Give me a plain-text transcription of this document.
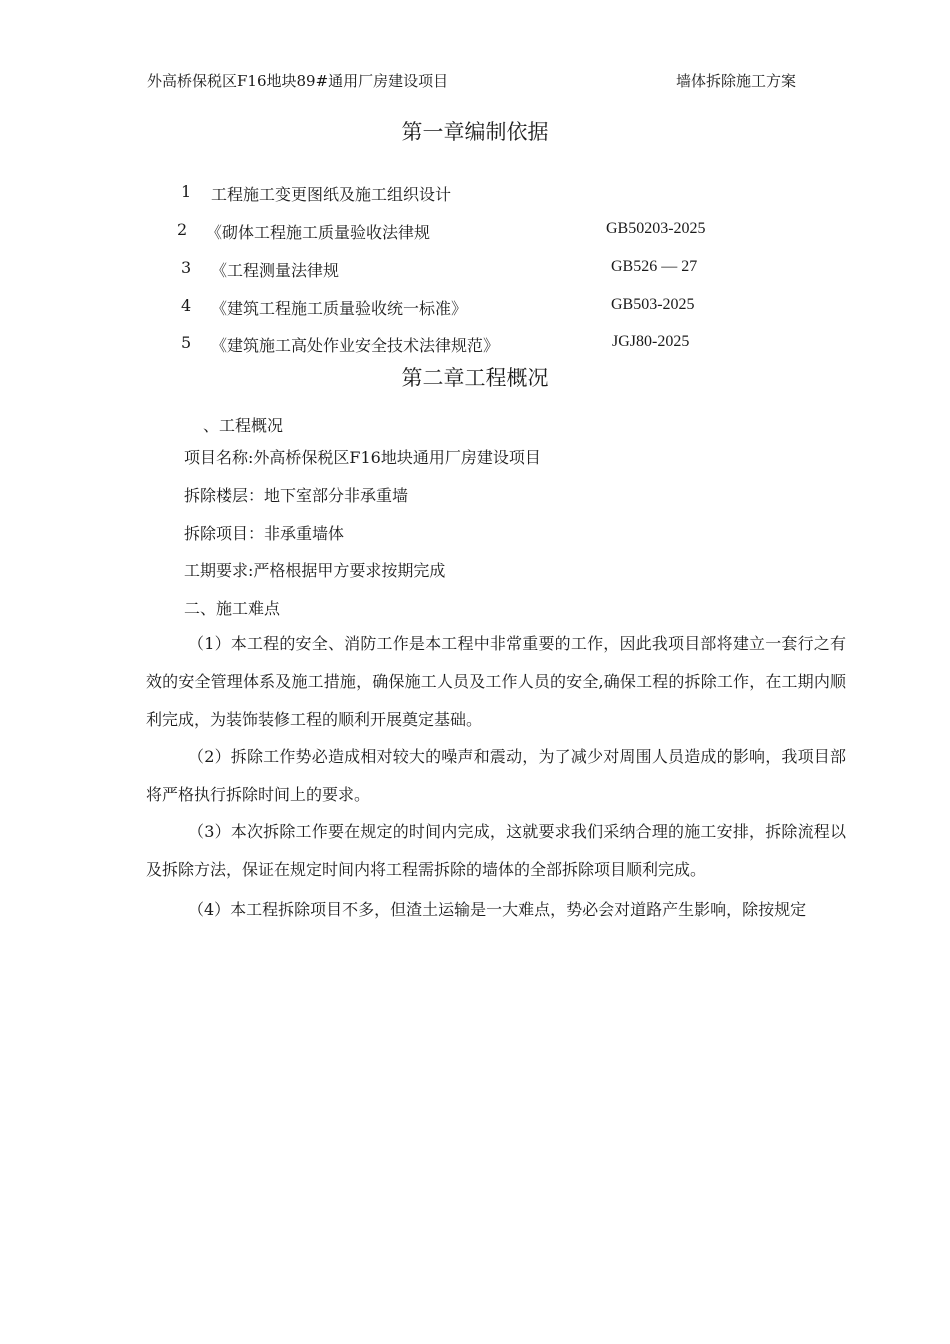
外高桥保税区F16地块89#通用厂房建设项目	墙体拆除施工方案
第一章编制依据
1 工程施工变更图纸及施工组织设计
2 《砌体工程施工质量验收法律规	GB50203-2025
3 《工程测量法律规	GB526 — 27
4 《建筑工程施工质量验收统一标准》	GB503-2025
5 《建筑施工高处作业安全技术法律规范》	JGJ80-2025
第二章工程概况
、工程概况
项目名称:外高桥保税区F16地块通用厂房建设项目
拆除楼层：地下室部分非承重墙
拆除项目：非承重墙体
工期要求:严格根据甲方要求按期完成
二、施工难点

（1）本工程的安全、消防工作是本工程中非常重要的工作，因此我项目部将建立一套行之有效的安全管理体系及施工措施，确保施工人员及工作人员的安全,确保工程的拆除工作，在工期内顺利完成，为装饰装修工程的顺利开展奠定基础。

（2）拆除工作势必造成相对较大的噪声和震动，为了减少对周围人员造成的影响，我项目部将严格执行拆除时间上的要求。

（3）本次拆除工作要在规定的时间内完成，这就要求我们采纳合理的施工安排，拆除流程以及拆除方法，保证在规定时间内将工程需拆除的墙体的全部拆除项目顺利完成。

（4）本工程拆除项目不多，但渣土运输是一大难点，势必会对道路产生影响，除按规定
